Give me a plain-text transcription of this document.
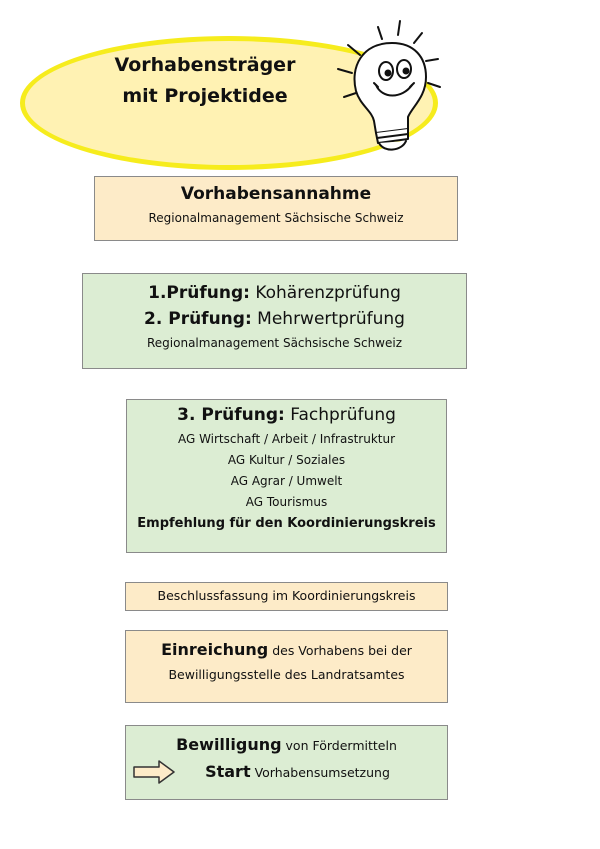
Vorhabensträger
mit Projektidee
Vorhabensannahme
Regionalmanagement Sächsische Schweiz
1.Prüfung: Kohärenzprüfung
2. Prüfung: Mehrwertprüfung
Regionalmanagement Sächsische Schweiz
3. Prüfung: Fachprüfung
AG Wirtschaft / Arbeit / Infrastruktur
AG Kultur / Soziales
AG Agrar / Umwelt
AG Tourismus
Empfehlung für den Koordinierungskreis
Beschlussfassung im Koordinierungskreis
Einreichung des Vorhabens bei der
Bewilligungsstelle des Landratsamtes
Bewilligung von Fördermitteln
Start Vorhabensumsetzung
